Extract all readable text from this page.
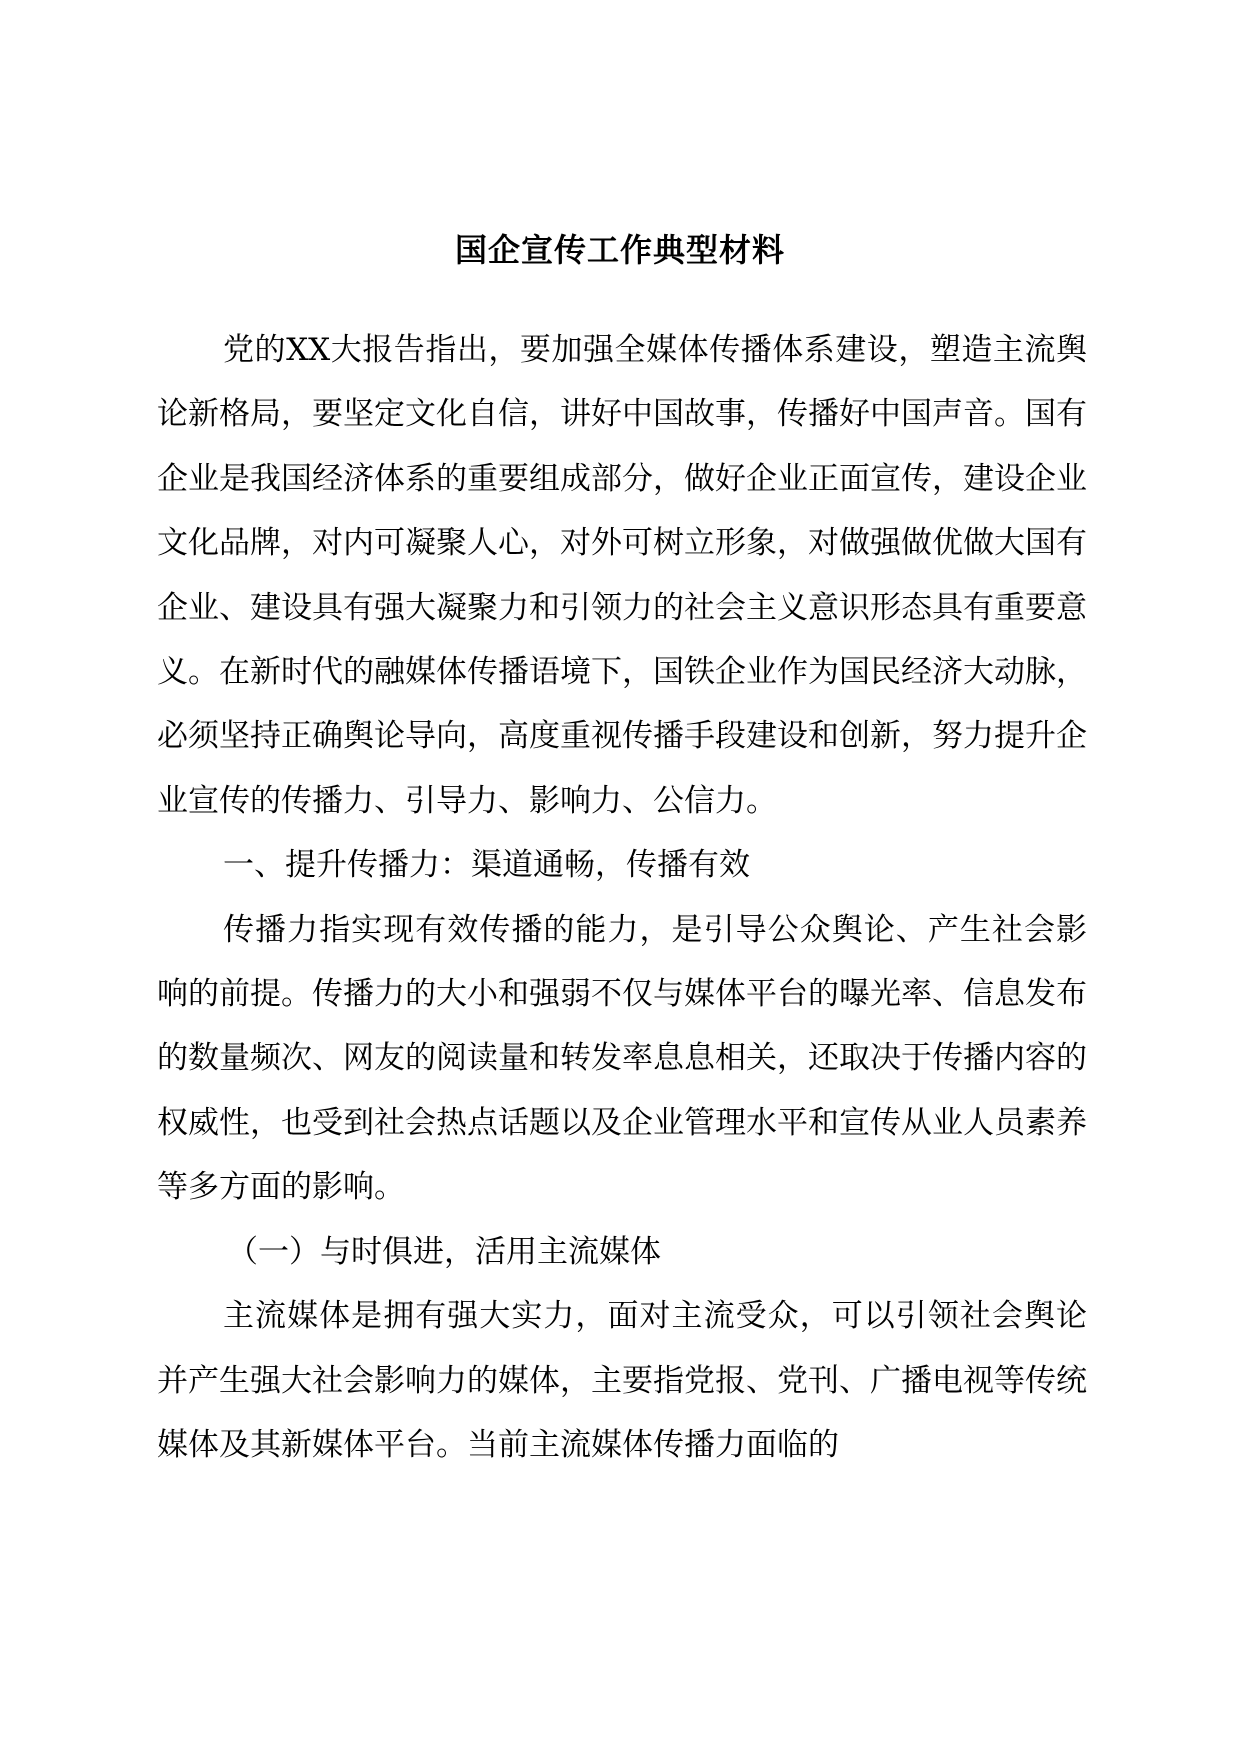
国企宣传工作典型材料

党的XX大报告指出，要加强全媒体传播体系建设，塑造主流舆论新格局，要坚定文化自信，讲好中国故事，传播好中国声音。国有企业是我国经济体系的重要组成部分，做好企业正面宣传，建设企业文化品牌，对内可凝聚人心，对外可树立形象，对做强做优做大国有企业、建设具有强大凝聚力和引领力的社会主义意识形态具有重要意义。在新时代的融媒体传播语境下，国铁企业作为国民经济大动脉，必须坚持正确舆论导向，高度重视传播手段建设和创新，努力提升企业宣传的传播力、引导力、影响力、公信力。

一、提升传播力：渠道通畅，传播有效

传播力指实现有效传播的能力，是引导公众舆论、产生社会影响的前提。传播力的大小和强弱不仅与媒体平台的曝光率、信息发布的数量频次、网友的阅读量和转发率息息相关，还取决于传播内容的权威性，也受到社会热点话题以及企业管理水平和宣传从业人员素养等多方面的影响。

（一）与时俱进，活用主流媒体

主流媒体是拥有强大实力，面对主流受众，可以引领社会舆论并产生强大社会影响力的媒体，主要指党报、党刊、广播电视等传统媒体及其新媒体平台。当前主流媒体传播力面临的
